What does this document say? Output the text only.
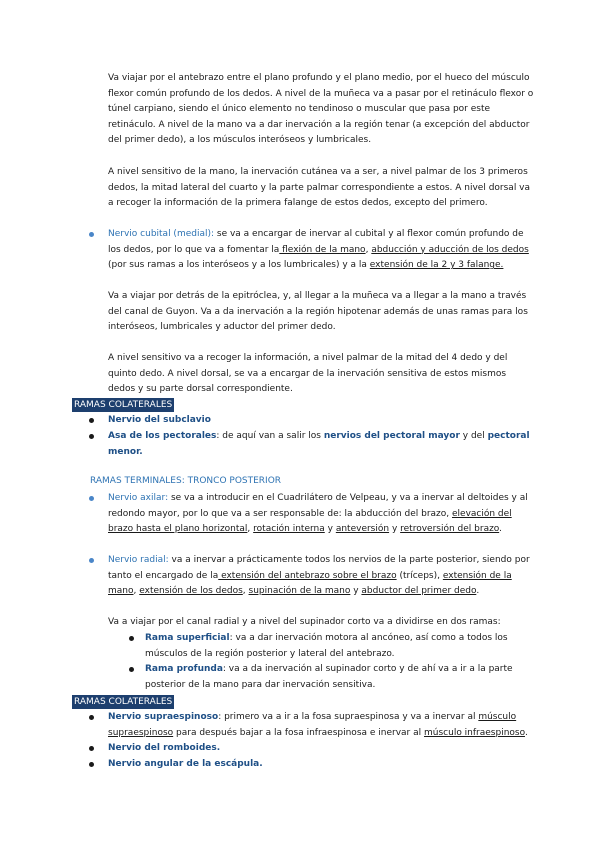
Va viajar por el antebrazo entre el plano profundo y el plano medio, por el hueco del músculo flexor común profundo de los dedos. A nivel de la muñeca va a pasar por el retináculo flexor o túnel carpiano, siendo el único elemento no tendinoso o muscular que pasa por este retináculo. A nivel de la mano va a dar inervación a la región tenar (a excepción del abductor del primer dedo), a los músculos interóseos y lumbricales.

A nivel sensitivo de la mano, la inervación cutánea va a ser, a nivel palmar de los 3 primeros dedos, la mitad lateral del cuarto y la parte palmar correspondiente a estos. A nivel dorsal va a recoger la información de la primera falange de estos dedos, excepto del primero.

Nervio cubital (medial): se va a encargar de inervar al cubital y al flexor común profundo de los dedos, por lo que va a fomentar la flexión de la mano, abducción y aducción de los dedos (por sus ramas a los interóseos y a los lumbricales) y a la extensión de la 2 y 3 falange.

Va a viajar por detrás de la epitróclea, y, al llegar a la muñeca va a llegar a la mano a través del canal de Guyon. Va a da inervación a la región hipotenar además de unas ramas para los interóseos, lumbricales y aductor del primer dedo.

A nivel sensitivo va a recoger la información, a nivel palmar de la mitad del 4 dedo y del quinto dedo. A nivel dorsal, se va a encargar de la inervación sensitiva de estos mismos dedos y su parte dorsal correspondiente.

RAMAS COLATERALES
Nervio del subclavio
Asa de los pectorales: de aquí van a salir los nervios del pectoral mayor y del pectoral menor.
RAMAS TERMINALES: TRONCO POSTERIOR
Nervio axilar: se va a introducir en el Cuadrilátero de Velpeau, y va a inervar al deltoides y al redondo mayor, por lo que va a ser responsable de: la abducción del brazo, elevación del brazo hasta el plano horizontal, rotación interna y anteversión y retroversión del brazo.
Nervio radial: va a inervar a prácticamente todos los nervios de la parte posterior, siendo por tanto el encargado de la extensión del antebrazo sobre el brazo (tríceps), extensión de la mano, extensión de los dedos, supinación de la mano y abductor del primer dedo.

Va a viajar por el canal radial y a nivel del supinador corto va a dividirse en dos ramas:

Rama superficial: va a dar inervación motora al ancóneo, así como a todos los músculos de la región posterior y lateral del antebrazo.
Rama profunda: va a da inervación al supinador corto y de ahí va a ir a la parte posterior de la mano para dar inervación sensitiva.
RAMAS COLATERALES
Nervio supraespinoso: primero va a ir a la fosa supraespinosa y va a inervar al músculo supraespinoso para después bajar a la fosa infraespinosa e inervar al músculo infraespinoso.
Nervio del romboides.
Nervio angular de la escápula.
